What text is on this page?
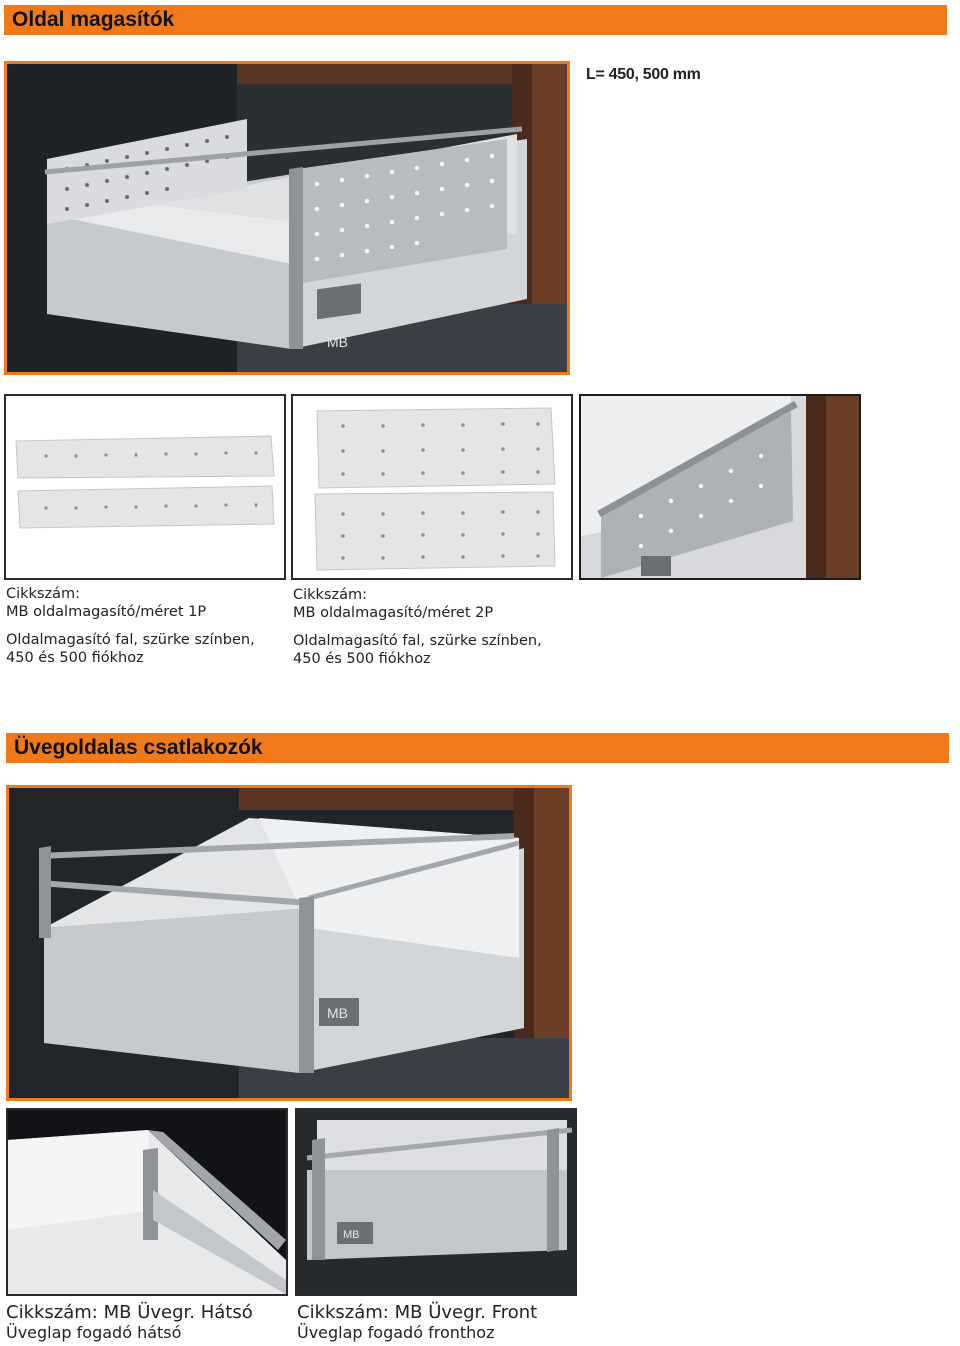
Oldal magasítók
MB
L= 450, 500 mm
Cikkszám:
MB oldalmagasító/méret 1P
Oldalmagasító fal, szürke színben,
450 és 500 fiókhoz
Cikkszám:
MB oldalmagasító/méret 2P
Oldalmagasító fal, szürke színben,
450 és 500 fiókhoz
Üvegoldalas csatlakozók
MB
MB
Cikkszám: MB Üvegr. Hátsó
Üveglap fogadó hátsó
Cikkszám: MB Üvegr. Front
Üveglap fogadó fronthoz
